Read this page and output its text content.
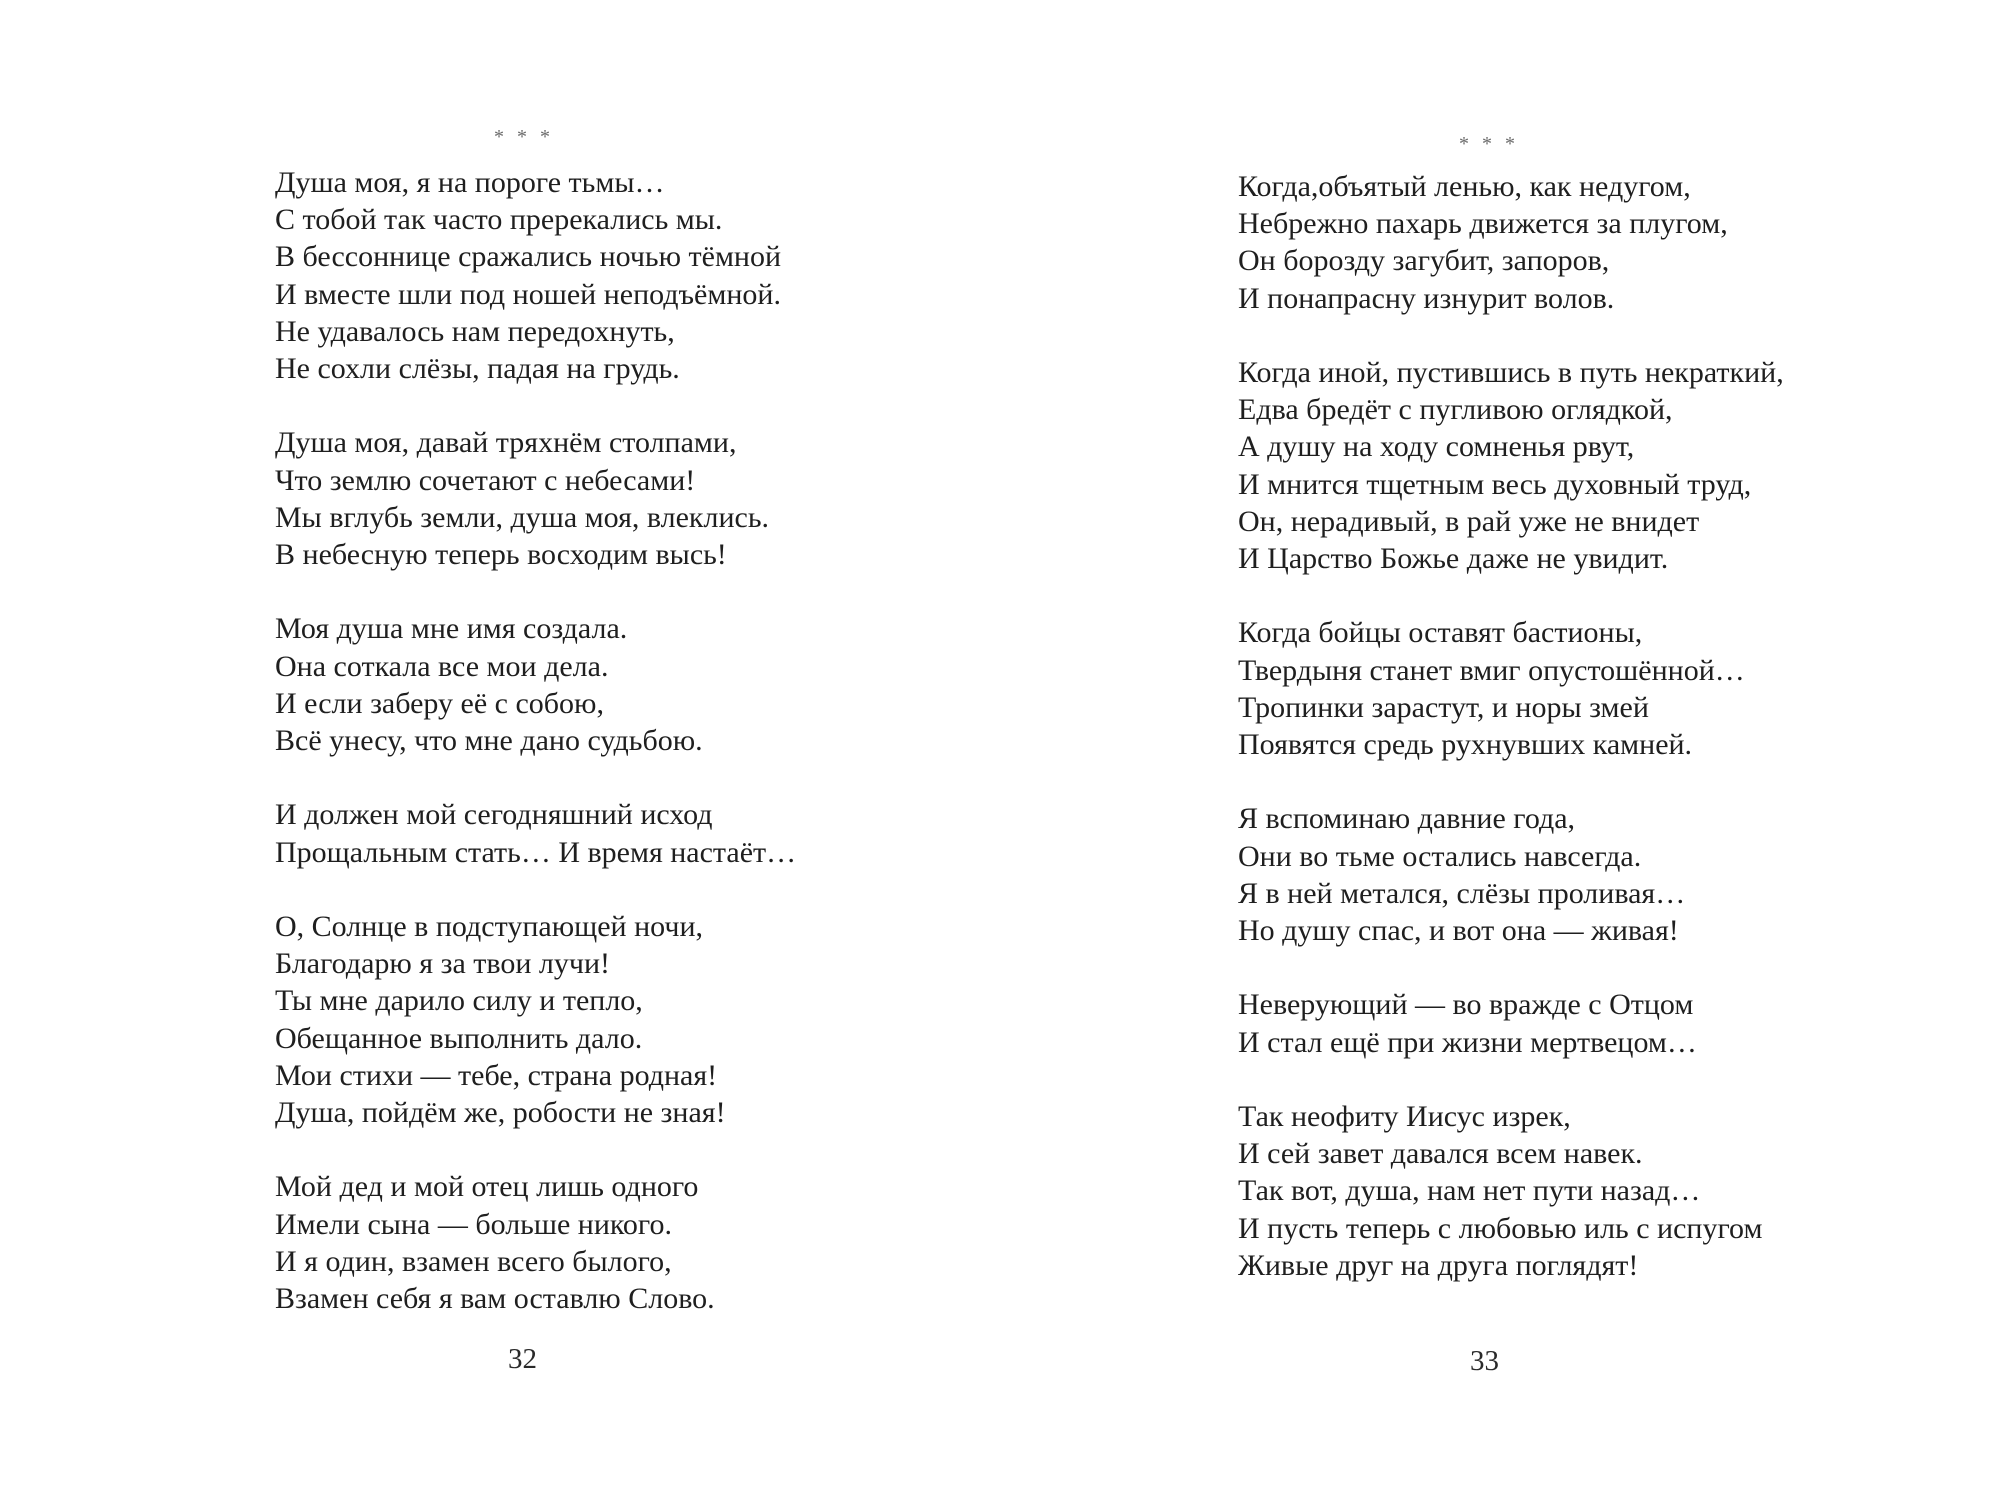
* * *
Душа моя, я на пороге тьмы…
С тобой так часто пререкались мы.
В бессоннице сражались ночью тёмной
И вместе шли под ношей неподъёмной.
Не удавалось нам передохнуть,
Не сохли слёзы, падая на грудь.
Душа моя, давай тряхнём столпами,
Что землю сочетают с небесами!
Мы вглубь земли, душа моя, влеклись.
В небесную теперь восходим высь!
Моя душа мне имя создала.
Она соткала все мои дела.
И если заберу её с собою,
Всё унесу, что мне дано судьбою.
И должен мой сегодняшний исход
Прощальным стать… И время настаёт…
О, Солнце в подступающей ночи,
Благодарю я за твои лучи!
Ты мне дарило силу и тепло,
Обещанное выполнить дало.
Мои стихи — тебе, страна родная!
Душа, пойдём же, робости не зная!
Мой дед и мой отец лишь одного
Имели сына — больше никого.
И я один, взамен всего былого,
Взамен себя я вам оставлю Слово.
32
* * *
Когда,объятый ленью, как недугом,
Небрежно пахарь движется за плугом,
Он борозду загубит, запоров,
И понапрасну изнурит волов.
Когда иной, пустившись в путь некраткий,
Едва бредёт с пугливою оглядкой,
А душу на ходу сомненья рвут,
И мнится тщетным весь духовный труд,
Он, нерадивый, в рай уже не внидет
И Царство Божье даже не увидит.
Когда бойцы оставят бастионы,
Твердыня станет вмиг опустошённой…
Тропинки зарастут, и норы змей
Появятся средь рухнувших камней.
Я вспоминаю давние года,
Они во тьме остались навсегда.
Я в ней метался, слёзы проливая…
Но душу спас, и вот она — живая!
Неверующий — во вражде с Отцом
И стал ещё при жизни мертвецом…
Так неофиту Иисус изрек,
И сей завет давался всем навек.
Так вот, душа, нам нет пути назад…
И пусть теперь с любовью иль с испугом
Живые друг на друга поглядят!
33
